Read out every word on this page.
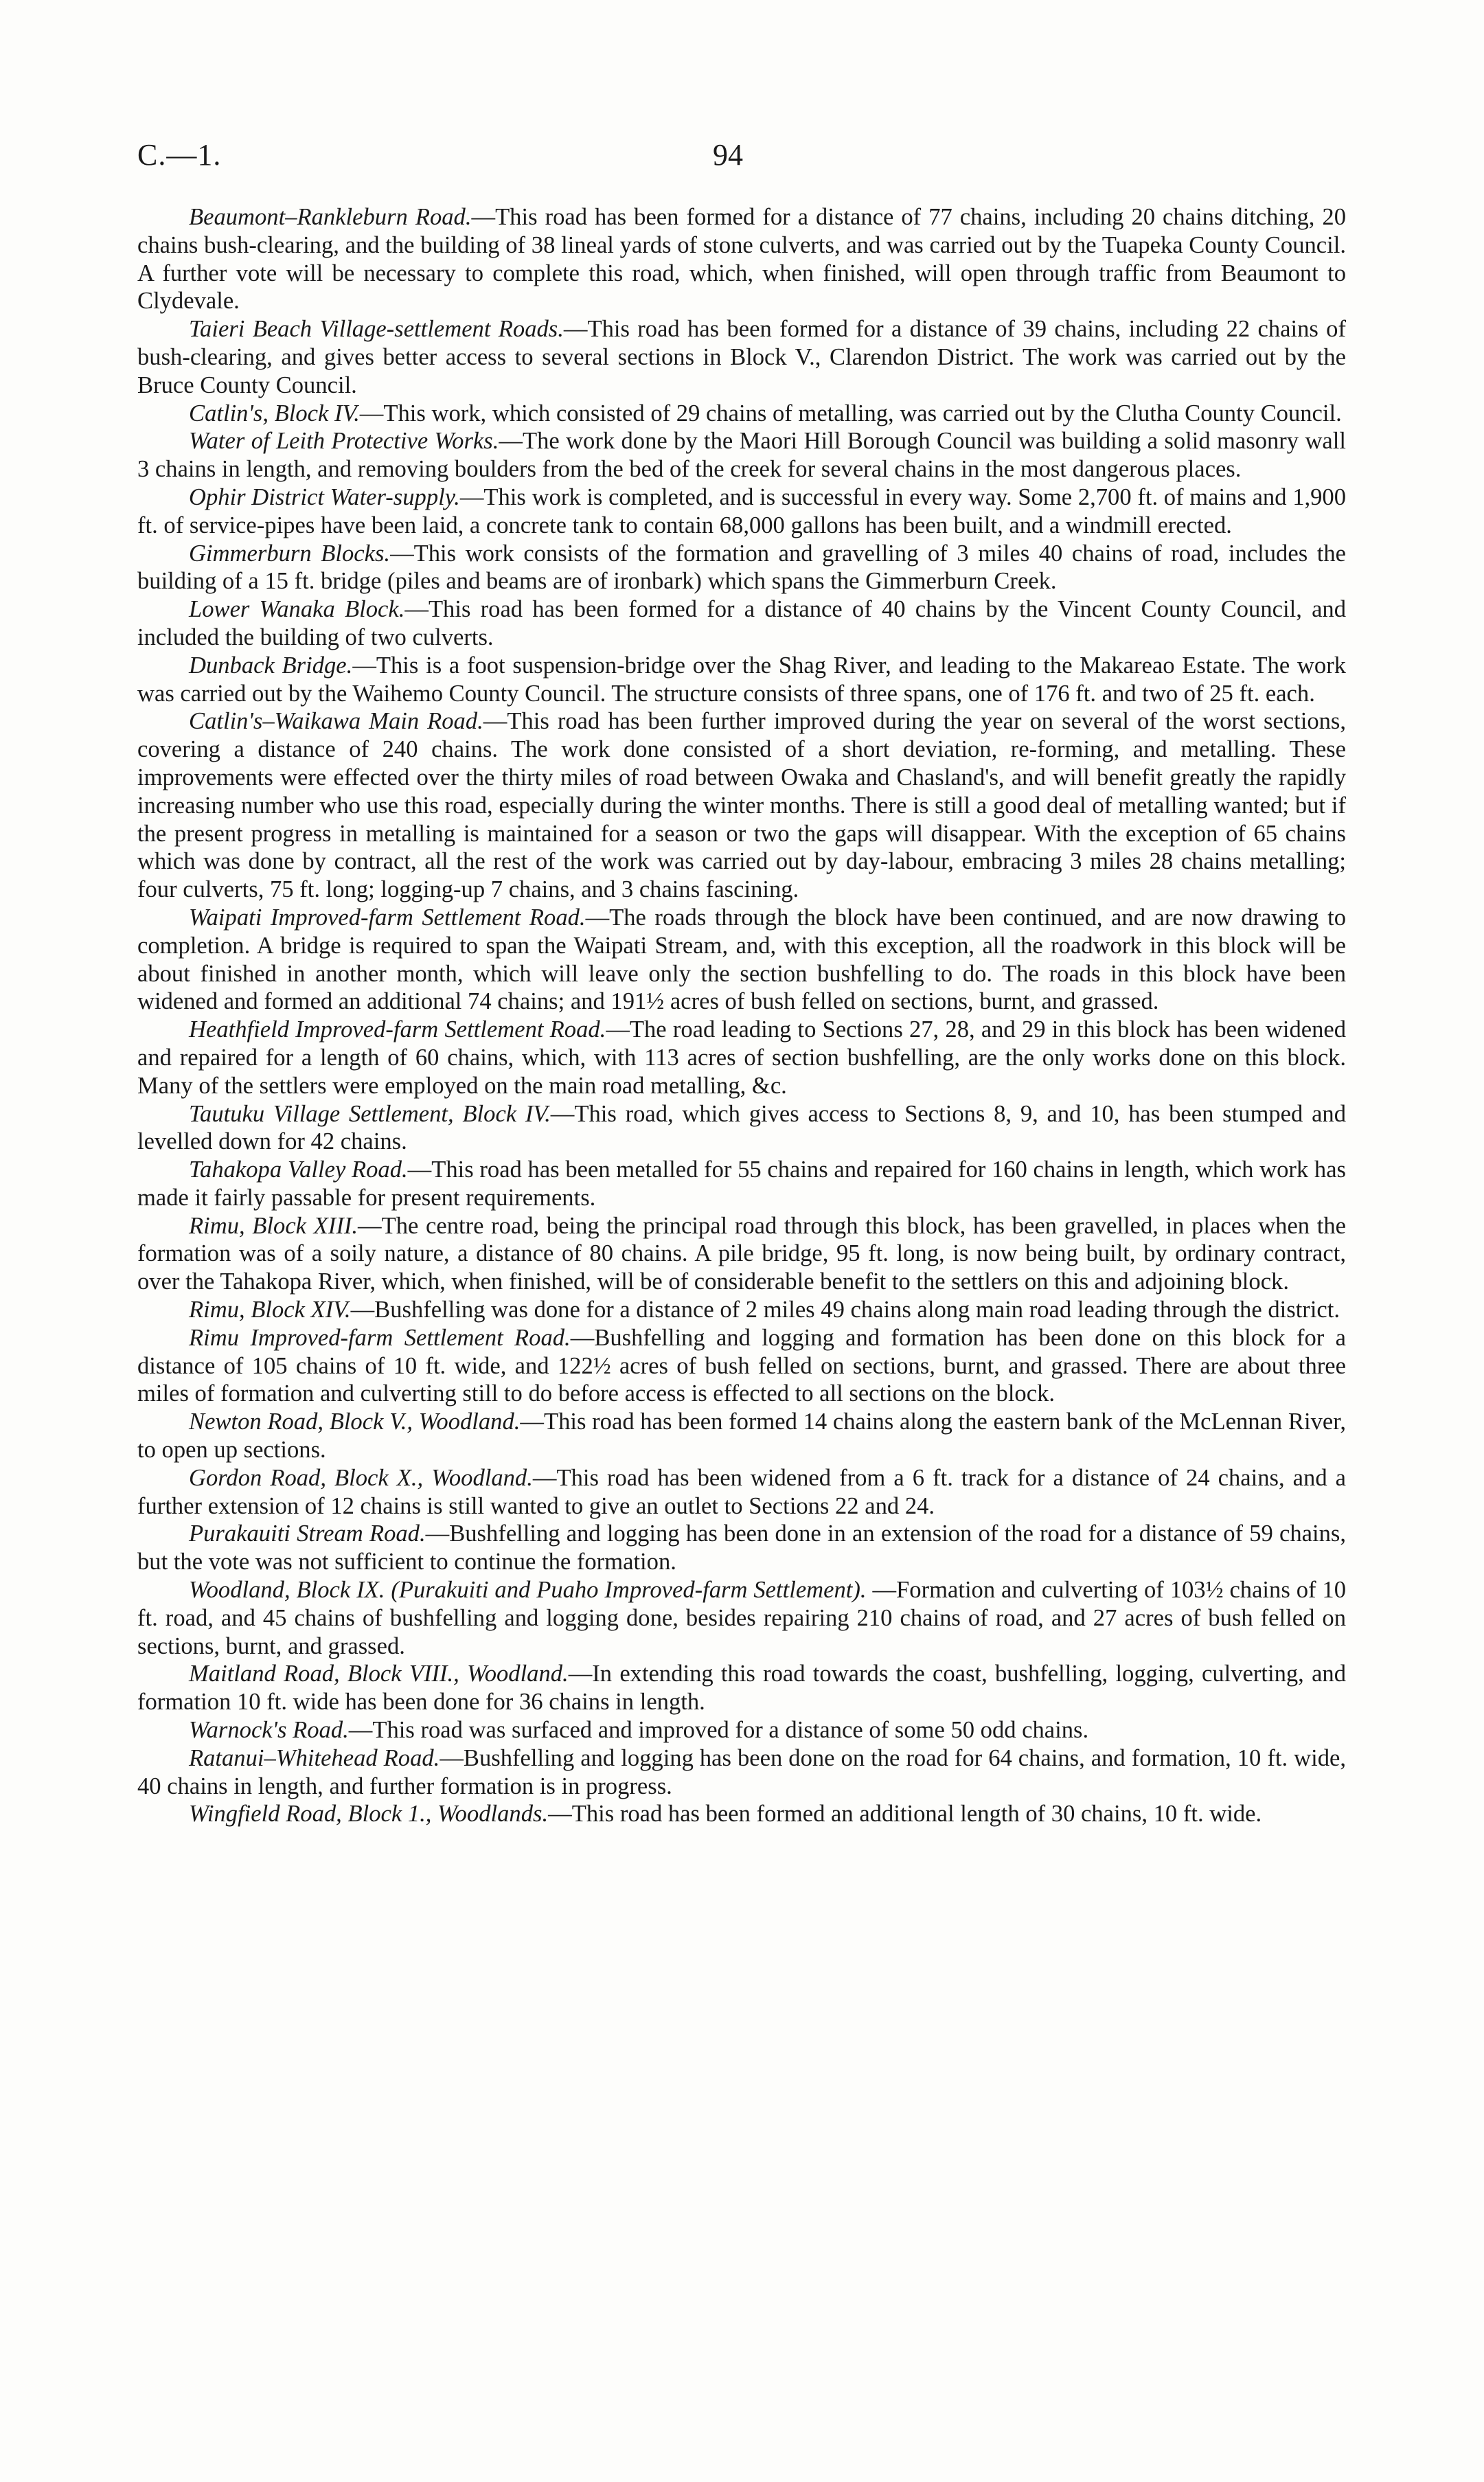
C.—1.	94

Beaumont–Rankleburn Road.—This road has been formed for a distance of 77 chains, including 20 chains ditching, 20 chains bush-clearing, and the building of 38 lineal yards of stone culverts, and was carried out by the Tuapeka County Council. A further vote will be necessary to complete this road, which, when finished, will open through traffic from Beaumont to Clydevale.

Taieri Beach Village-settlement Roads.—This road has been formed for a distance of 39 chains, including 22 chains of bush-clearing, and gives better access to several sections in Block V., Clarendon District. The work was carried out by the Bruce County Council.

Catlin's, Block IV.—This work, which consisted of 29 chains of metalling, was carried out by the Clutha County Council.

Water of Leith Protective Works.—The work done by the Maori Hill Borough Council was building a solid masonry wall 3 chains in length, and removing boulders from the bed of the creek for several chains in the most dangerous places.

Ophir District Water-supply.—This work is completed, and is successful in every way. Some 2,700 ft. of mains and 1,900 ft. of service-pipes have been laid, a concrete tank to contain 68,000 gallons has been built, and a windmill erected.

Gimmerburn Blocks.—This work consists of the formation and gravelling of 3 miles 40 chains of road, includes the building of a 15 ft. bridge (piles and beams are of ironbark) which spans the Gimmerburn Creek.

Lower Wanaka Block.—This road has been formed for a distance of 40 chains by the Vincent County Council, and included the building of two culverts.

Dunback Bridge.—This is a foot suspension-bridge over the Shag River, and leading to the Makareao Estate. The work was carried out by the Waihemo County Council. The structure consists of three spans, one of 176 ft. and two of 25 ft. each.

Catlin's–Waikawa Main Road.—This road has been further improved during the year on several of the worst sections, covering a distance of 240 chains. The work done consisted of a short deviation, re-forming, and metalling. These improvements were effected over the thirty miles of road between Owaka and Chasland's, and will benefit greatly the rapidly increasing number who use this road, especially during the winter months. There is still a good deal of metalling wanted; but if the present progress in metalling is maintained for a season or two the gaps will disappear. With the exception of 65 chains which was done by contract, all the rest of the work was carried out by day-labour, embracing 3 miles 28 chains metalling; four culverts, 75 ft. long; logging-up 7 chains, and 3 chains fascining.

Waipati Improved-farm Settlement Road.—The roads through the block have been continued, and are now drawing to completion. A bridge is required to span the Waipati Stream, and, with this exception, all the roadwork in this block will be about finished in another month, which will leave only the section bushfelling to do. The roads in this block have been widened and formed an additional 74 chains; and 191½ acres of bush felled on sections, burnt, and grassed.

Heathfield Improved-farm Settlement Road.—The road leading to Sections 27, 28, and 29 in this block has been widened and repaired for a length of 60 chains, which, with 113 acres of section bushfelling, are the only works done on this block. Many of the settlers were employed on the main road metalling, &c.

Tautuku Village Settlement, Block IV.—This road, which gives access to Sections 8, 9, and 10, has been stumped and levelled down for 42 chains.

Tahakopa Valley Road.—This road has been metalled for 55 chains and repaired for 160 chains in length, which work has made it fairly passable for present requirements.

Rimu, Block XIII.—The centre road, being the principal road through this block, has been gravelled, in places when the formation was of a soily nature, a distance of 80 chains. A pile bridge, 95 ft. long, is now being built, by ordinary contract, over the Tahakopa River, which, when finished, will be of considerable benefit to the settlers on this and adjoining block.

Rimu, Block XIV.—Bushfelling was done for a distance of 2 miles 49 chains along main road leading through the district.

Rimu Improved-farm Settlement Road.—Bushfelling and logging and formation has been done on this block for a distance of 105 chains of 10 ft. wide, and 122½ acres of bush felled on sections, burnt, and grassed. There are about three miles of formation and culverting still to do before access is effected to all sections on the block.

Newton Road, Block V., Woodland.—This road has been formed 14 chains along the eastern bank of the McLennan River, to open up sections.

Gordon Road, Block X., Woodland.—This road has been widened from a 6 ft. track for a distance of 24 chains, and a further extension of 12 chains is still wanted to give an outlet to Sections 22 and 24.

Purakauiti Stream Road.—Bushfelling and logging has been done in an extension of the road for a distance of 59 chains, but the vote was not sufficient to continue the formation.

Woodland, Block IX. (Purakuiti and Puaho Improved-farm Settlement). —Formation and culverting of 103½ chains of 10 ft. road, and 45 chains of bushfelling and logging done, besides repairing 210 chains of road, and 27 acres of bush felled on sections, burnt, and grassed.

Maitland Road, Block VIII., Woodland.—In extending this road towards the coast, bushfelling, logging, culverting, and formation 10 ft. wide has been done for 36 chains in length.

Warnock's Road.—This road was surfaced and improved for a distance of some 50 odd chains.

Ratanui–Whitehead Road.—Bushfelling and logging has been done on the road for 64 chains, and formation, 10 ft. wide, 40 chains in length, and further formation is in progress.

Wingfield Road, Block 1., Woodlands.—This road has been formed an additional length of 30 chains, 10 ft. wide.
